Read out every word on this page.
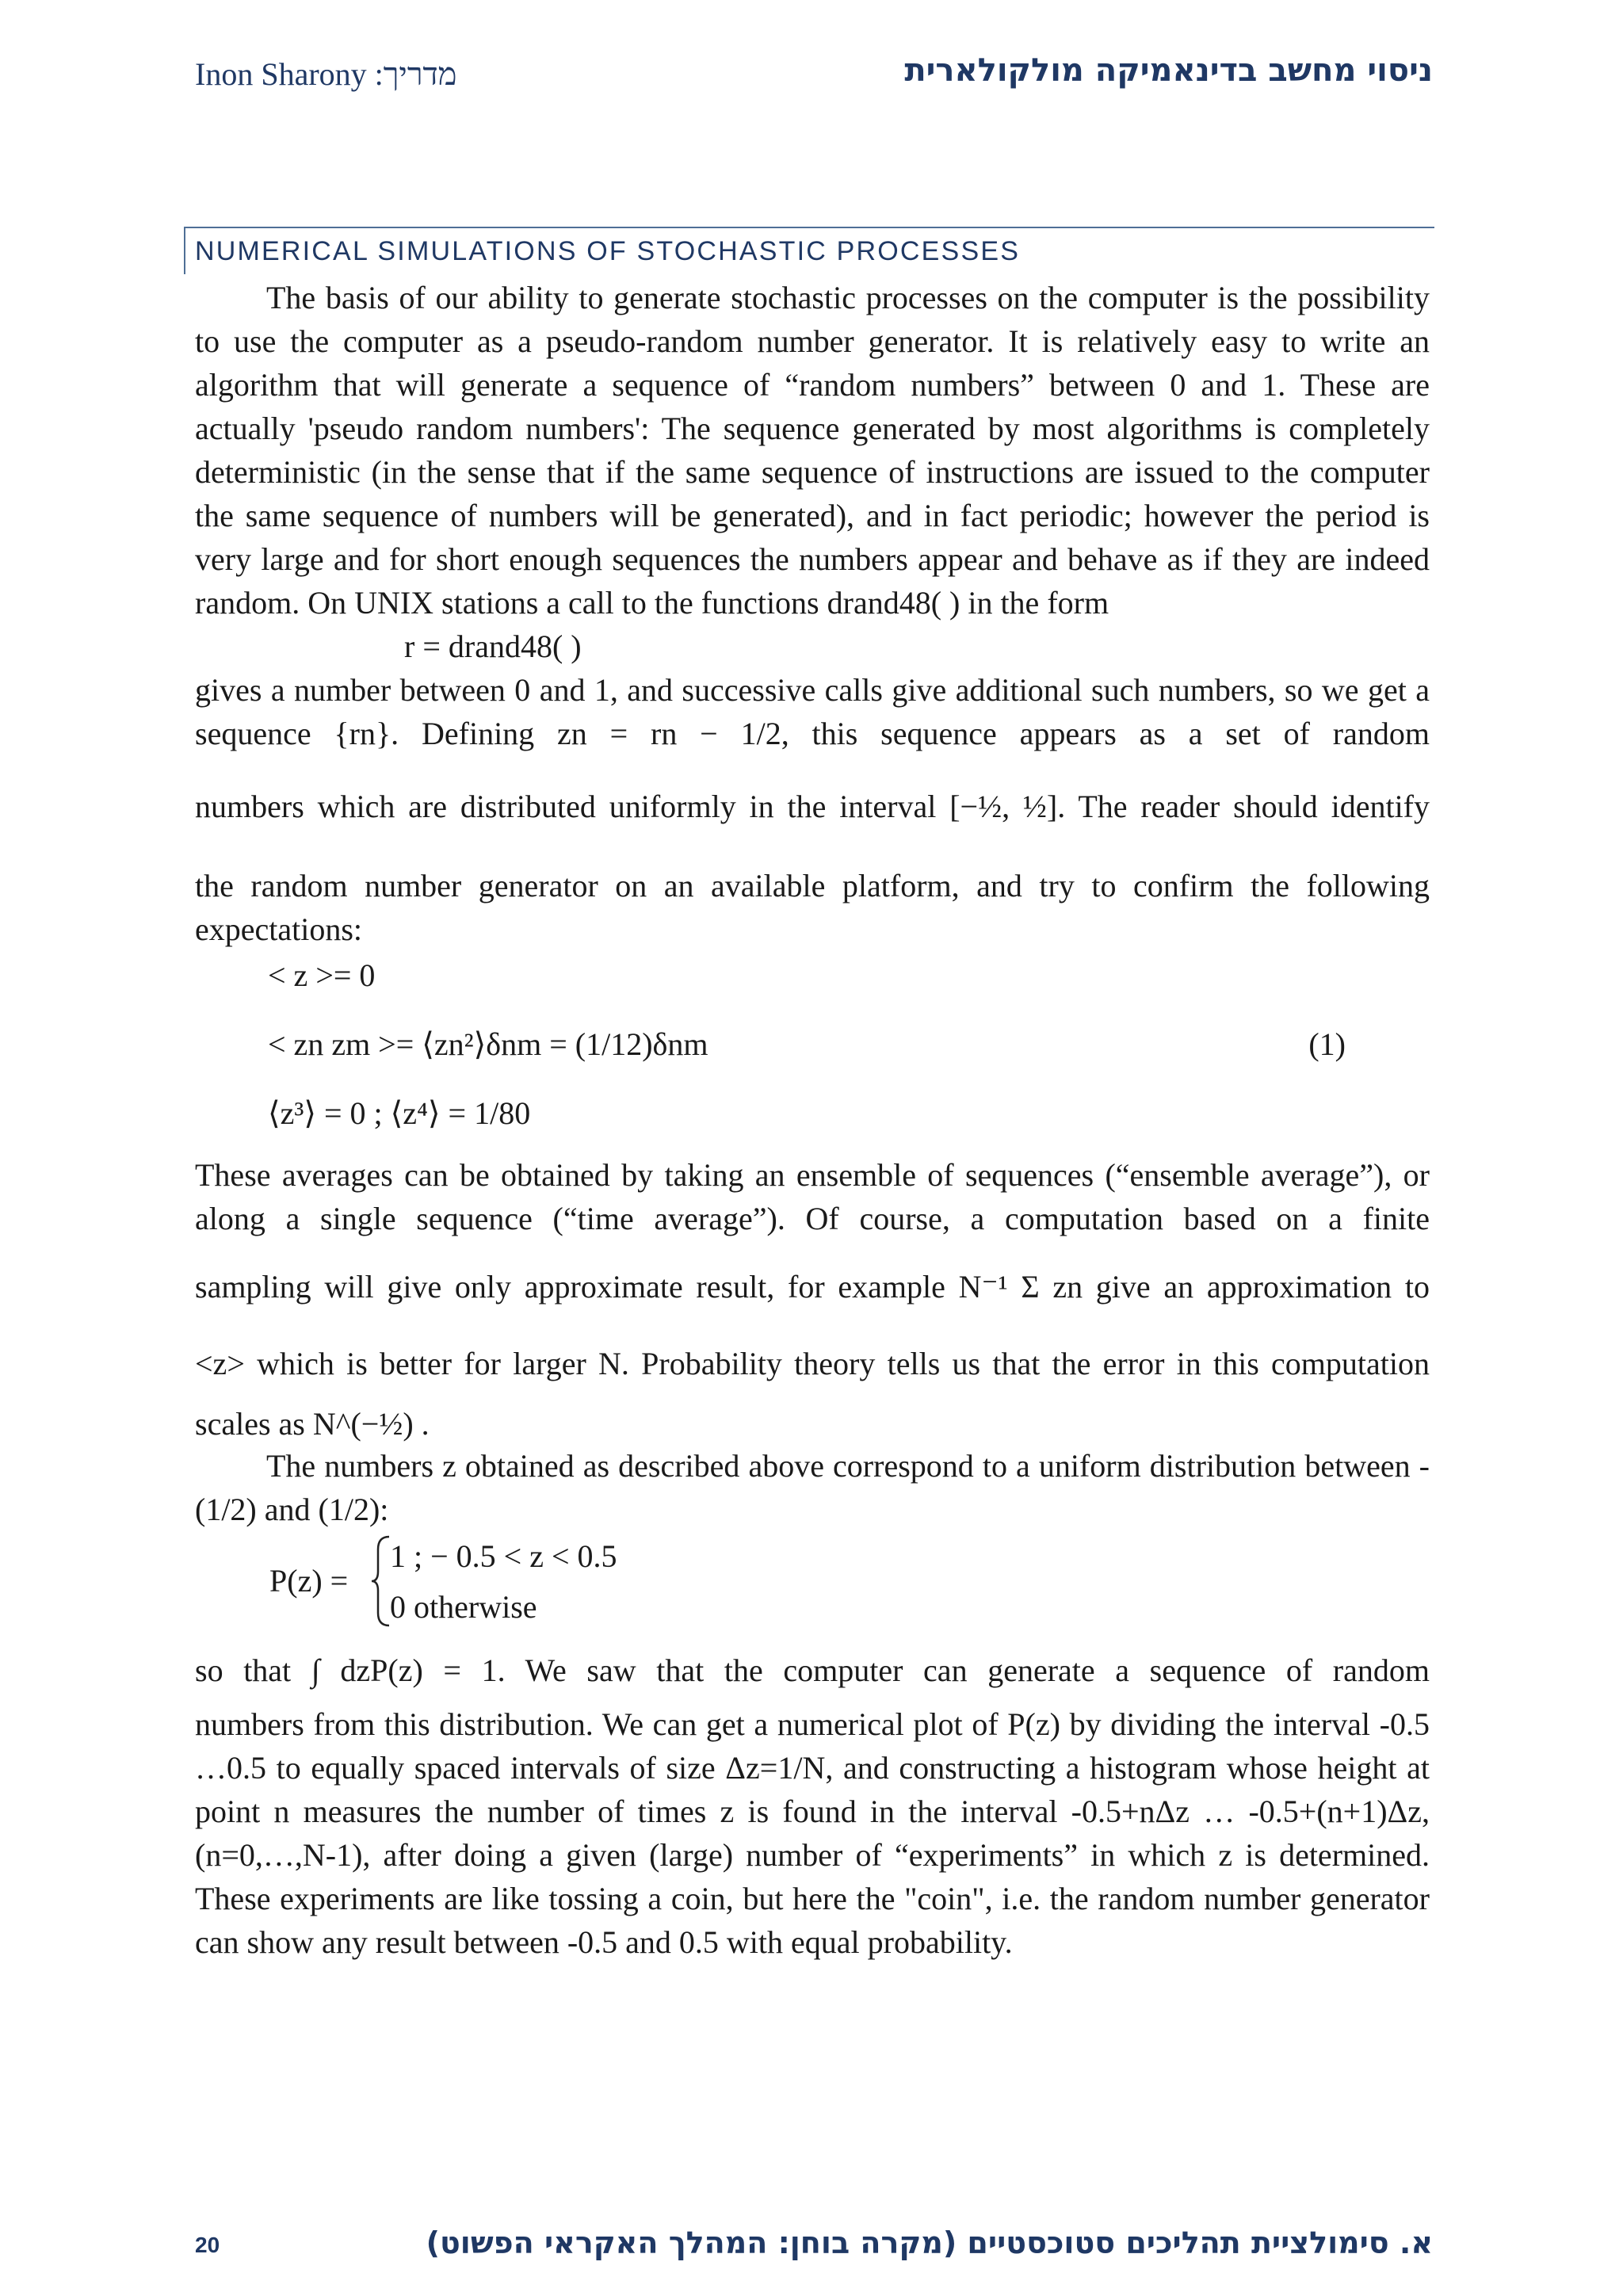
מדריך: Inon Sharony	ניסוי מחשב בדינאמיקה מולקולארית
NUMERICAL SIMULATIONS OF STOCHASTIC PROCESSES

The basis of our ability to generate stochastic processes on the computer is the possibility to use the computer as a pseudo-random number generator. It is relatively easy to write an algorithm that will generate a sequence of “random numbers” between 0 and 1. These are actually 'pseudo random numbers': The sequence generated by most algorithms is completely deterministic (in the sense that if the same sequence of instructions are issued to the computer the same sequence of numbers will be generated), and in fact periodic; however the period is very large and for short enough sequences the numbers appear and behave as if they are indeed random. On UNIX stations a call to the functions drand48( ) in the form

r = drand48( )

gives a number between 0 and 1, and successive calls give additional such numbers, so we get a sequence {rn}. Defining zn = rn − 1/2, this sequence appears as a set of random

numbers which are distributed uniformly in the interval [−½, ½]. The reader should identify

the random number generator on an available platform, and try to confirm the following expectations:

< z >= 0
< zn zm >= ⟨zn²⟩δnm = (1/12)δnm	(1)
⟨z³⟩ = 0 ; ⟨z⁴⟩ = 1/80

These averages can be obtained by taking an ensemble of sequences (“ensemble average”), or along a single sequence (“time average”). Of course, a computation based on a finite

sampling will give only approximate result, for example N⁻¹ Σ zn give an approximation to

<z> which is better for larger N. Probability theory tells us that the error in this computation

scales as N^(−½) .

The numbers z obtained as described above correspond to a uniform distribution between -(1/2) and (1/2):

P(z) =
1 ; − 0.5 < z < 0.5
0 otherwise

so that ∫ dzP(z) = 1. We saw that the computer can generate a sequence of random

numbers from this distribution. We can get a numerical plot of P(z) by dividing the interval -0.5 …0.5 to equally spaced intervals of size Δz=1/N, and constructing a histogram whose height at point n measures the number of times z is found in the interval -0.5+nΔz … -0.5+(n+1)Δz, (n=0,…,N-1), after doing a given (large) number of “experiments” in which z is determined. These experiments are like tossing a coin, but here the "coin", i.e. the random number generator can show any result between -0.5 and 0.5 with equal probability.

20	א. סימולציית תהליכים סטוכסטיים (מקרה בוחן: המהלך האקראי הפשוט)
